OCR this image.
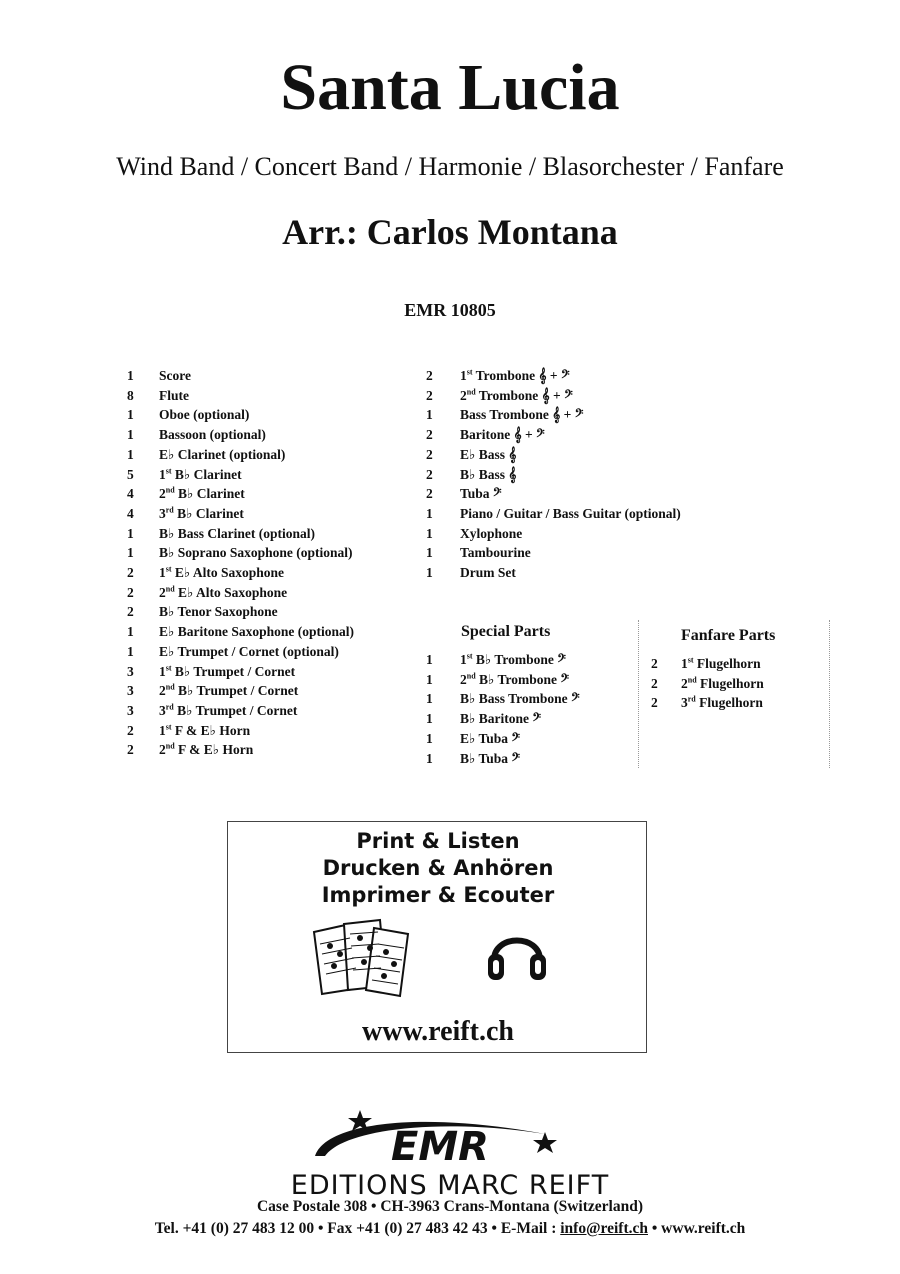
Santa Lucia
Wind Band / Concert Band / Harmonie / Blasorchester / Fanfare
Arr.: Carlos Montana
EMR 10805
1	Score
8	Flute
1	Oboe (optional)
1	Bassoon (optional)
1	E♭ Clarinet (optional)
5	1st B♭ Clarinet
4	2nd B♭ Clarinet
4	3rd B♭ Clarinet
1	B♭ Bass Clarinet (optional)
1	B♭ Soprano Saxophone (optional)
2	1st E♭ Alto Saxophone
2	2nd E♭ Alto Saxophone
2	B♭ Tenor Saxophone
1	E♭ Baritone Saxophone (optional)
1	E♭ Trumpet / Cornet (optional)
3	1st B♭ Trumpet / Cornet
3	2nd B♭ Trumpet / Cornet
3	3rd B♭ Trumpet / Cornet
2	1st F & E♭ Horn
2	2nd F & E♭ Horn
2	1st Trombone 𝄞 + 𝄢
2	2nd Trombone 𝄞 + 𝄢
1	Bass Trombone 𝄞 + 𝄢
2	Baritone 𝄞 + 𝄢
2	E♭ Bass 𝄞
2	B♭ Bass 𝄞
2	Tuba 𝄢
1	Piano / Guitar / Bass Guitar (optional)
1	Xylophone
1	Tambourine
1	Drum Set
Special Parts
1	1st B♭ Trombone 𝄢
1	2nd B♭ Trombone 𝄢
1	B♭ Bass Trombone 𝄢
1	B♭ Baritone 𝄢
1	E♭ Tuba 𝄢
1	B♭ Tuba 𝄢
Fanfare Parts
2	1st Flugelhorn
2	2nd Flugelhorn
2	3rd Flugelhorn
Print & Listen
Drucken & Anhören
Imprimer & Ecouter
www.reift.ch
EMR
EDITIONS MARC REIFT
Case Postale 308 • CH-3963 Crans-Montana (Switzerland)
Tel. +41 (0) 27 483 12 00 • Fax +41 (0) 27 483 42 43 • E-Mail : info@reift.ch • www.reift.ch
